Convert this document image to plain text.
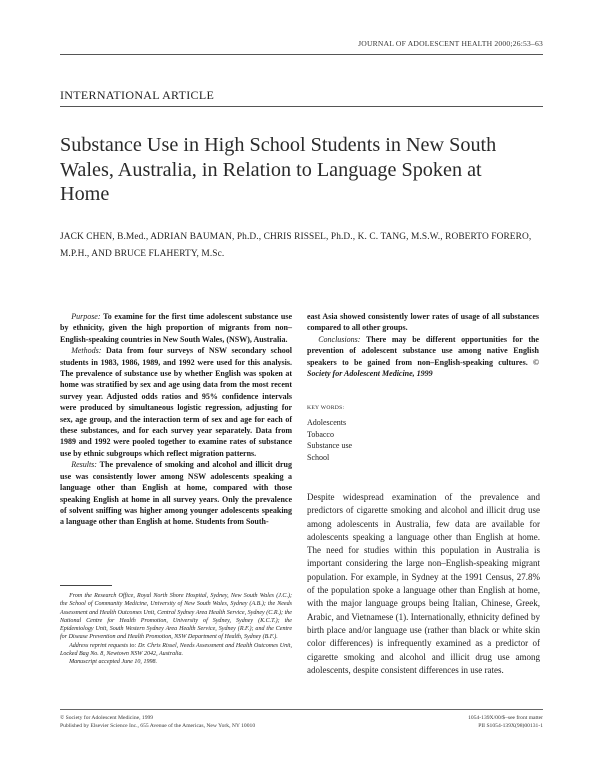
JOURNAL OF ADOLESCENT HEALTH 2000;26:53–63
INTERNATIONAL ARTICLE
Substance Use in High School Students in New South Wales, Australia, in Relation to Language Spoken at Home
JACK CHEN, B.Med., ADRIAN BAUMAN, Ph.D., CHRIS RISSEL, Ph.D., K. C. TANG, M.S.W., ROBERTO FORERO, M.P.H., AND BRUCE FLAHERTY, M.Sc.

Purpose: To examine for the first time adolescent substance use by ethnicity, given the high proportion of migrants from non–English-speaking countries in New South Wales, (NSW), Australia.

Methods: Data from four surveys of NSW secondary school students in 1983, 1986, 1989, and 1992 were used for this analysis. The prevalence of substance use by whether English was spoken at home was stratified by sex and age using data from the most recent survey year. Adjusted odds ratios and 95% confidence intervals were produced by simultaneous logistic regression, adjusting for sex, age group, and the interaction term of sex and age for each of these substances, and for each survey year separately. Data from 1989 and 1992 were pooled together to examine rates of substance use by ethnic subgroups which reflect migration patterns.

Results: The prevalence of smoking and alcohol and illicit drug use was consistently lower among NSW adolescents speaking a language other than English at home, compared with those speaking English at home in all survey years. Only the prevalence of solvent sniffing was higher among younger adolescents speaking a language other than English at home. Students from South-

east Asia showed consistently lower rates of usage of all substances compared to all other groups.

Conclusions: There may be different opportunities for the prevention of adolescent substance use among native English speakers to be gained from non–English-speaking cultures. © Society for Adolescent Medicine, 1999

KEY WORDS:
Adolescents
Tobacco
Substance use
School

From the Research Office, Royal North Shore Hospital, Sydney, New South Wales (J.C.); the School of Community Medicine, University of New South Wales, Sydney (A.B.); the Needs Assessment and Health Outcomes Unit, Central Sydney Area Health Service, Sydney (C.R.); the National Centre for Health Promotion, University of Sydney, Sydney (K.C.T.); the Epidemiology Unit, South Western Sydney Area Health Service, Sydney (R.F.); and the Centre for Disease Prevention and Health Promotion, NSW Department of Health, Sydney (B.F.).

Address reprint requests to: Dr. Chris Rissel, Needs Assessment and Health Outcomes Unit, Locked Bag No. 8, Newtown NSW 2042, Australia.

Manuscript accepted June 10, 1998.

Despite widespread examination of the prevalence and predictors of cigarette smoking and alcohol and illicit drug use among adolescents in Australia, few data are available for adolescents speaking a language other than English at home. The need for studies within this population in Australia is important considering the large non–English-speaking migrant population. For example, in Sydney at the 1991 Census, 27.8% of the population spoke a language other than English at home, with the major language groups being Italian, Chinese, Greek, Arabic, and Vietnamese (1). Internationally, ethnicity defined by birth place and/or language use (rather than black or white skin color differences) is infrequently examined as a predictor of cigarette smoking and alcohol and illicit drug use among adolescents, despite consistent differences in use rates.

© Society for Adolescent Medicine, 1999
Published by Elsevier Science Inc., 655 Avenue of the Americas, New York, NY 10010
1054-139X/00/$–see front matter
PII S1054-139X(98)00131-1
